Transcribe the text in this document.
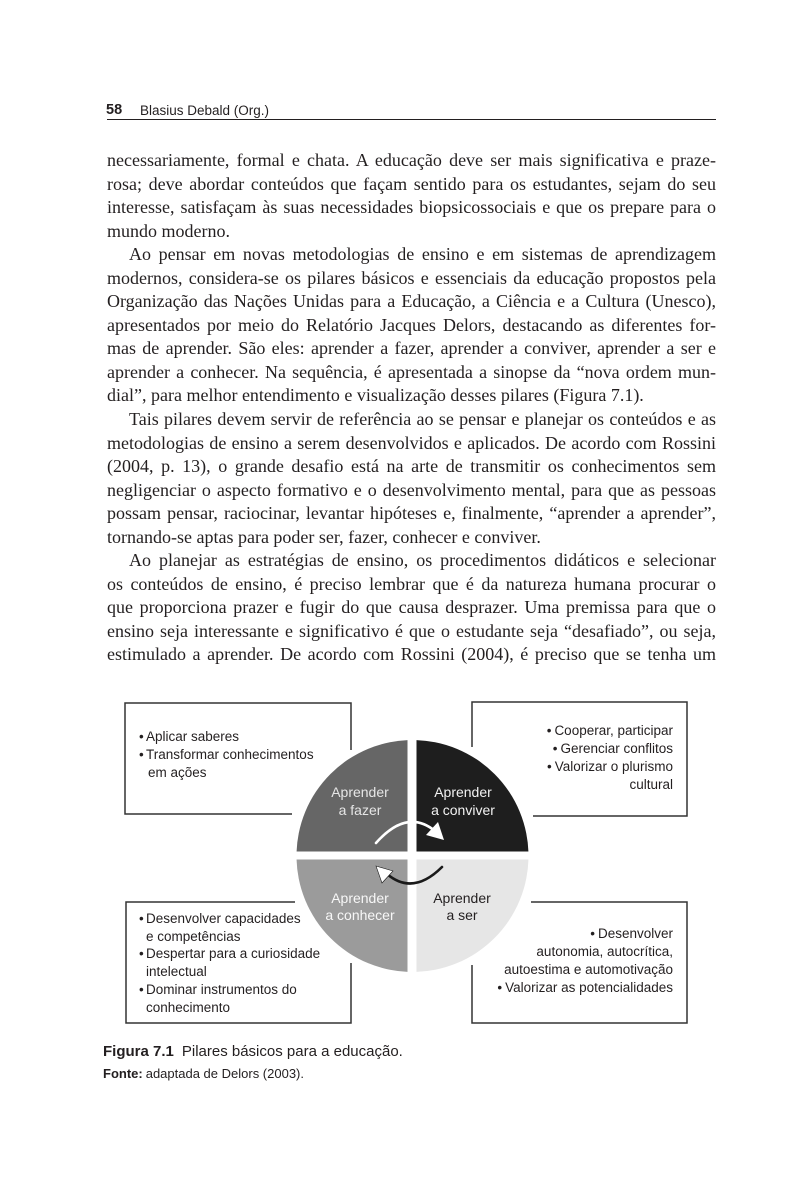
58 Blasius Debald (Org.)
necessariamente, formal e chata. A educação deve ser mais significativa e praze-
rosa; deve abordar conteúdos que façam sentido para os estudantes, sejam do seu
interesse, satisfaçam às suas necessidades biopsicossociais e que os prepare para o
mundo moderno.
Ao pensar em novas metodologias de ensino e em sistemas de aprendizagem
modernos, considera-se os pilares básicos e essenciais da educação propostos pela
Organização das Nações Unidas para a Educação, a Ciência e a Cultura (Unesco),
apresentados por meio do Relatório Jacques Delors, destacando as diferentes for-
mas de aprender. São eles: aprender a fazer, aprender a conviver, aprender a ser e
aprender a conhecer. Na sequência, é apresentada a sinopse da “nova ordem mun-
dial”, para melhor entendimento e visualização desses pilares (Figura 7.1).
Tais pilares devem servir de referência ao se pensar e planejar os conteúdos e as
metodologias de ensino a serem desenvolvidos e aplicados. De acordo com Rossini
(2004, p. 13), o grande desafio está na arte de transmitir os conhecimentos sem
negligenciar o aspecto formativo e o desenvolvimento mental, para que as pessoas
possam pensar, raciocinar, levantar hipóteses e, finalmente, “aprender a aprender”,
tornando-se aptas para poder ser, fazer, conhecer e conviver.
Ao planejar as estratégias de ensino, os procedimentos didáticos e selecionar
os conteúdos de ensino, é preciso lembrar que é da natureza humana procurar o
que proporciona prazer e fugir do que causa desprazer. Uma premissa para que o
ensino seja interessante e significativo é que o estudante seja “desafiado”, ou seja,
estimulado a aprender. De acordo com Rossini (2004), é preciso que se tenha um
Aprender
a fazer
Aprender
a conviver
Aprender
a conhecer
Aprender
a ser
• Aplicar saberes
• Transformar conhecimentos
em ações
• Cooperar, participar
• Gerenciar conflitos
• Valorizar o plurismo
cultural
• Desenvolver capacidades
e competências
• Despertar para a curiosidade
intelectual
• Dominar instrumentos do
conhecimento
• Desenvolver
autonomia, autocrítica,
autoestima e automotivação
• Valorizar as potencialidades
Figura 7.1 Pilares básicos para a educação.
Fonte: adaptada de Delors (2003).
